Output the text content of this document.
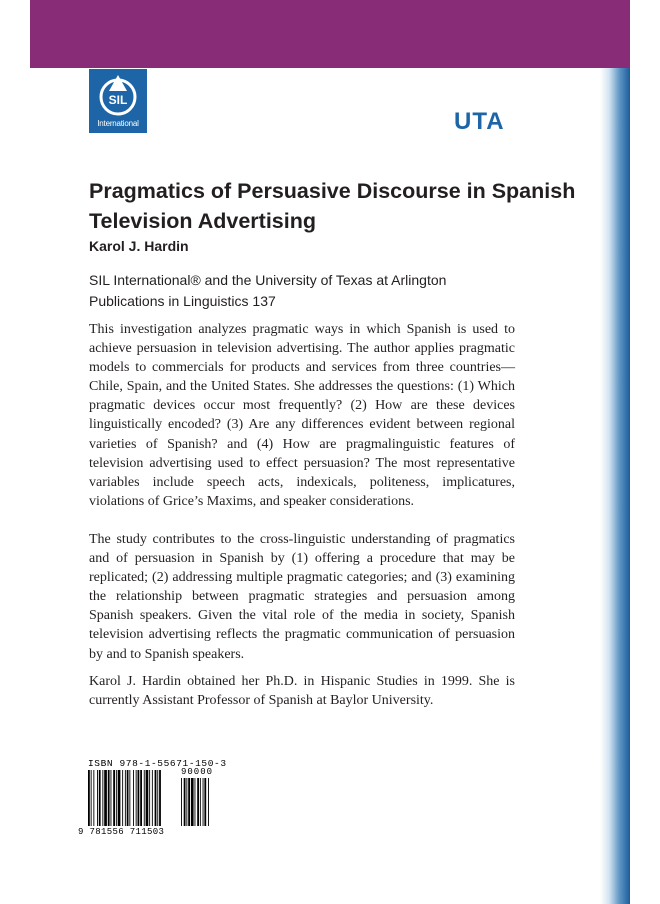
SIL
International	UTA
Pragmatics of Persuasive Discourse in Spanish Television Advertising
Karol J. Hardin
SIL International® and the University of Texas at Arlington
Publications in Linguistics 137

This investigation analyzes pragmatic ways in which Spanish is used to achieve persuasion in television advertising. The author applies pragmatic models to commercials for products and services from three countries—Chile, Spain, and the United States. She addresses the questions: (1) Which pragmatic devices occur most frequently? (2) How are these devices linguistically encoded? (3) Are any differences evident between regional varieties of Spanish? and (4) How are pragmalinguistic features of television advertising used to effect persuasion? The most representative variables include speech acts, indexicals, politeness, implicatures, violations of Grice’s Maxims, and speaker considerations.

The study contributes to the cross-linguistic understanding of pragmatics and of persuasion in Spanish by (1) offering a procedure that may be replicated; (2) addressing multiple pragmatic categories; and (3) examining the relationship between pragmatic strategies and persuasion among Spanish speakers. Given the vital role of the media in society, Spanish television advertising reflects the pragmatic communication of persuasion by and to Spanish speakers.

Karol J. Hardin obtained her Ph.D. in Hispanic Studies in 1999. She is currently Assistant Professor of Spanish at Baylor University.

ISBN 978-1-55671-150-3
90000
9 781556 711503
